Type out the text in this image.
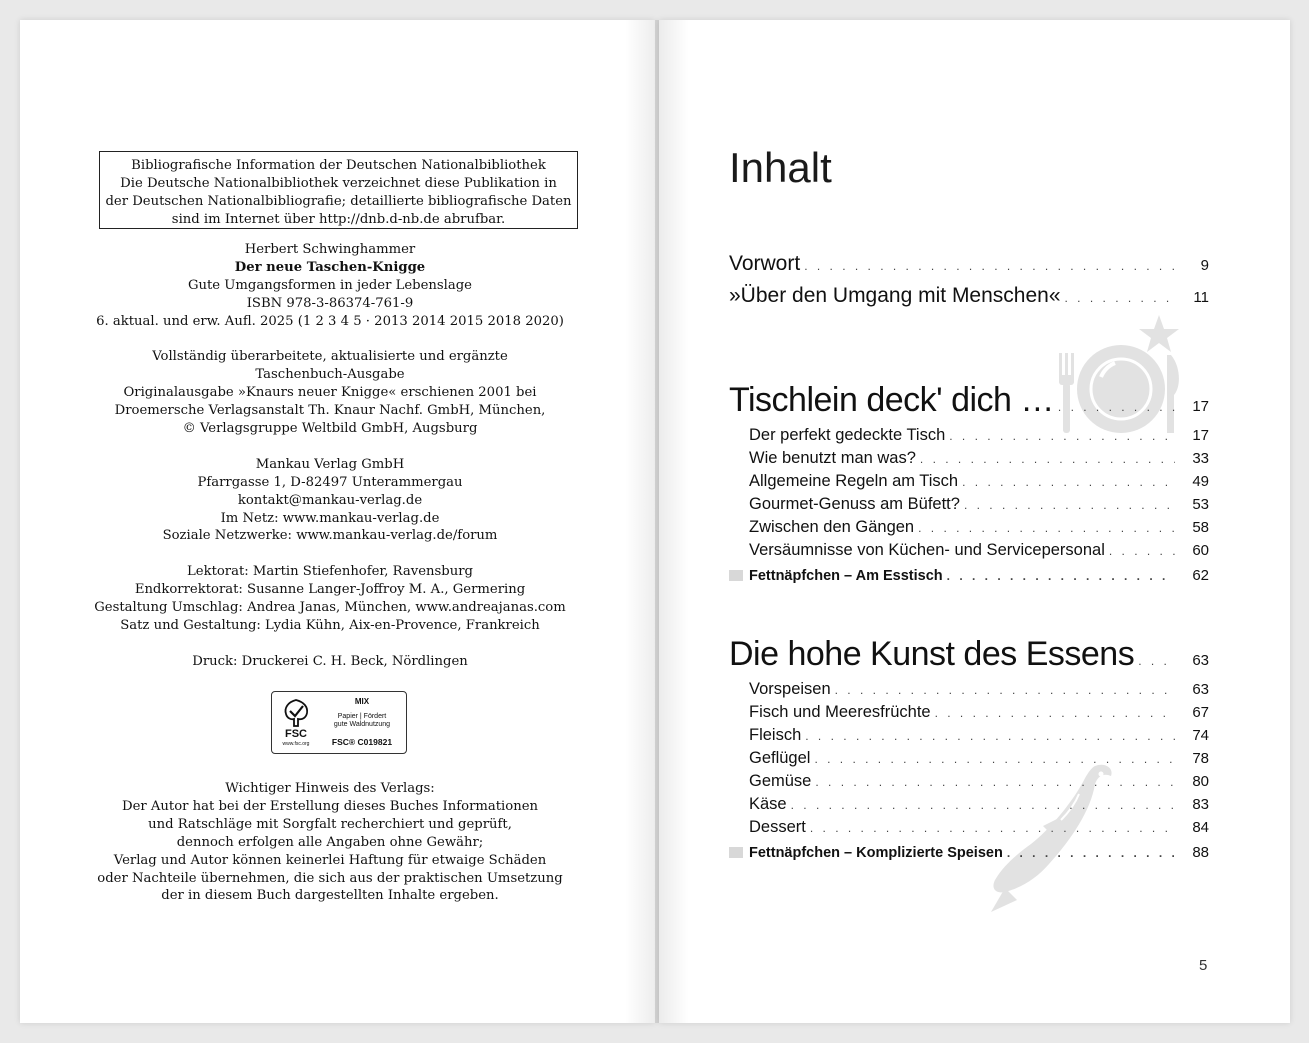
Bibliografische Information der Deutschen Nationalbibliothek
Die Deutsche Nationalbibliothek verzeichnet diese Publikation in
der Deutschen Nationalbibliografie; detaillierte bibliografische Daten
sind im Internet über http://dnb.d-nb.de abrufbar.
Herbert Schwinghammer
Der neue Taschen-Knigge
Gute Umgangsformen in jeder Lebenslage
ISBN 978-3-86374-761-9
6. aktual. und erw. Aufl. 2025 (1 2 3 4 5 · 2013 2014 2015 2018 2020)
Vollständig überarbeitete, aktualisierte und ergänzte
Taschenbuch-Ausgabe
Originalausgabe »Knaurs neuer Knigge« erschienen 2001 bei
Droemersche Verlagsanstalt Th. Knaur Nachf. GmbH, München,
© Verlagsgruppe Weltbild GmbH, Augsburg
Mankau Verlag GmbH
Pfarrgasse 1, D-82497 Unterammergau
kontakt@mankau-verlag.de
Im Netz: www.mankau-verlag.de
Soziale Netzwerke: www.mankau-verlag.de/forum
Lektorat: Martin Stiefenhofer, Ravensburg
Endkorrektorat: Susanne Langer-Joffroy M. A., Germering
Gestaltung Umschlag: Andrea Janas, München, www.andreajanas.com
Satz und Gestaltung: Lydia Kühn, Aix-en-Provence, Frankreich
Druck: Druckerei C. H. Beck, Nördlingen
FSC
www.fsc.org
MIX
Papier | Fördert
gute Waldnutzung
FSC® C019821
Wichtiger Hinweis des Verlags:
Der Autor hat bei der Erstellung dieses Buches Informationen
und Ratschläge mit Sorgfalt recherchiert und geprüft,
dennoch erfolgen alle Angaben ohne Gewähr;
Verlag und Autor können keinerlei Haftung für etwaige Schäden
oder Nachteile übernehmen, die sich aus der praktischen Umsetzung
der in diesem Buch dargestellten Inhalte ergeben.
Inhalt
Vorwort . . .	9
»Über den Umgang mit Menschen« . . .	11
Tischlein deck' dich … . . .	17
Der perfekt gedeckte Tisch . . .	17
Wie benutzt man was? . . .	33
Allgemeine Regeln am Tisch . . .	49
Gourmet-Genuss am Büfett? . . .	53
Zwischen den Gängen . . .	58
Versäumnisse von Küchen- und Servicepersonal . . .	60
Fettnäpfchen – Am Esstisch . . .	62
Die hohe Kunst des Essens . . .	63
Vorspeisen . . .	63
Fisch und Meeresfrüchte . . .	67
Fleisch . . .	74
Geflügel . . .	78
Gemüse . . .	80
Käse . . .	83
Dessert . . .	84
Fettnäpfchen – Komplizierte Speisen . . .	88
5
